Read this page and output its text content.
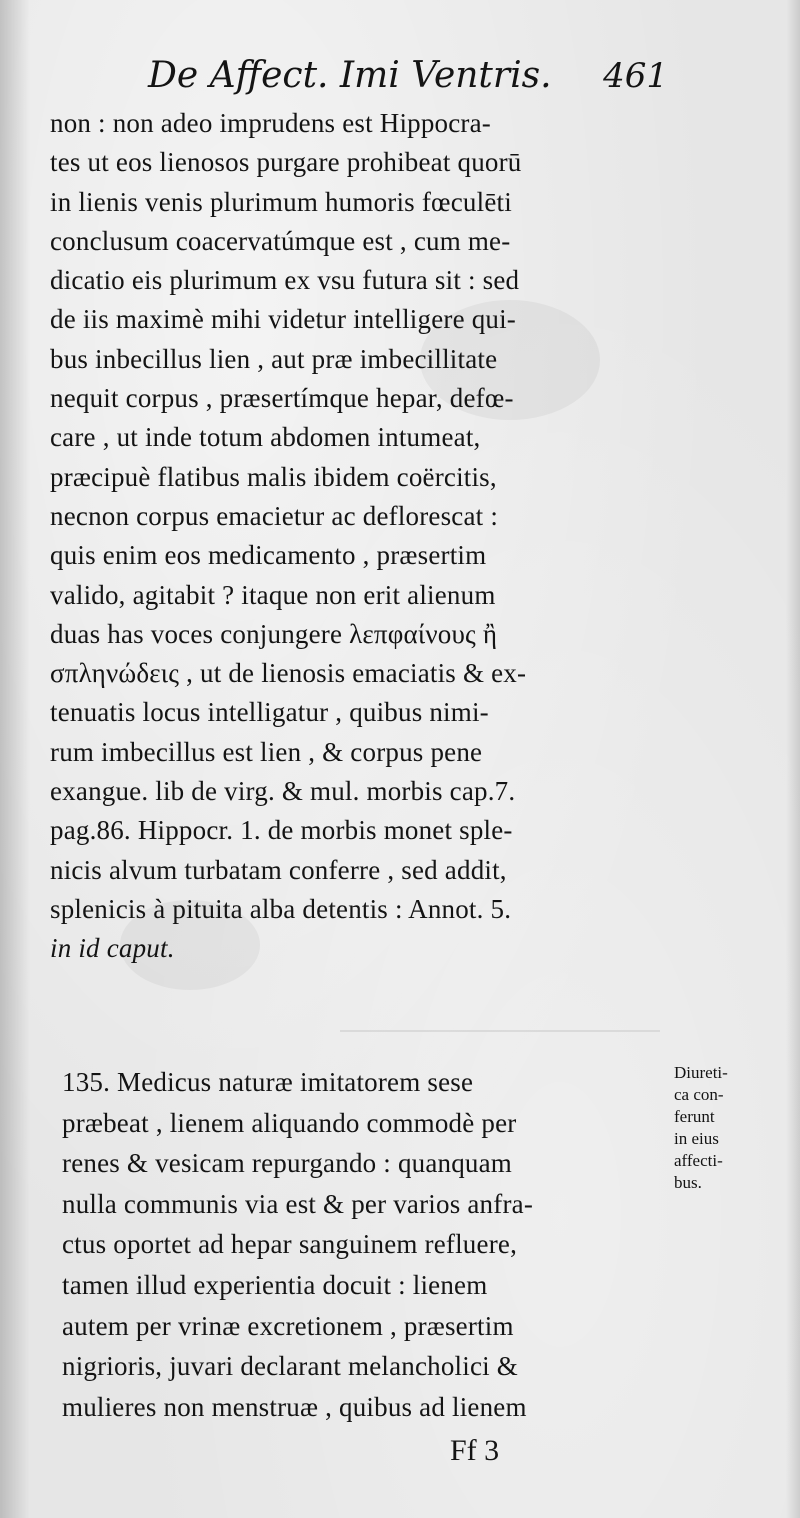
De Affect. Imi Ventris. 461
non : non adeo imprudens est Hippocra-
tes ut eos lienosos purgare prohibeat quorū
in lienis venis plurimum humoris fœculēti
conclusum coacervatúmque est , cum me-
dicatio eis plurimum ex vsu futura sit : sed
de iis maximè mihi videtur intelligere qui-
bus inbecillus lien , aut præ imbecillitate
nequit corpus , præsertímque hepar, defœ-
care , ut inde totum abdomen intumeat,
præcipuè flatibus malis ibidem coërcitis,
necnon corpus emacietur ac deflorescat :
quis enim eos medicamento , præsertim
valido, agitabit ? itaque non erit alienum
duas has voces conjungere λεπφαίνους ἢ
σπληνώδεις , ut de lienosis emaciatis & ex-
tenuatis locus intelligatur , quibus nimi-
rum imbecillus est lien , & corpus pene
exangue. lib de virg. & mul. morbis cap.7.
pag.86. Hippocr. 1. de morbis monet sple-
nicis alvum turbatam conferre , sed addit,
splenicis à pituita alba detentis : Annot. 5.
in id caput.
135. Medicus naturæ imitatorem sese
præbeat , lienem aliquando commodè per
renes & vesicam repurgando : quanquam
nulla communis via est & per varios anfra-
ctus oportet ad hepar sanguinem refluere,
tamen illud experientia docuit : lienem
autem per vrinæ excretionem , præsertim
nigrioris, juvari declarant melancholici &
mulieres non menstruæ , quibus ad lienem
Diureti-
ca con-
ferunt
in eius
affecti-
bus.
Ff 3
